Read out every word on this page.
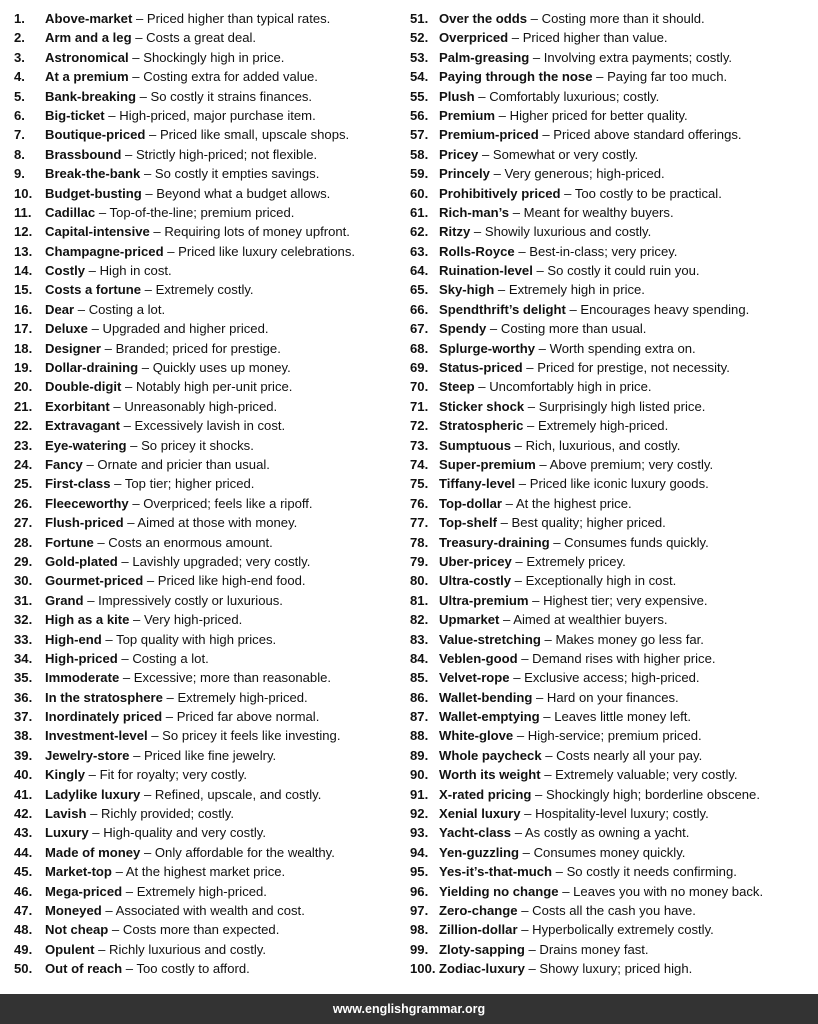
1.	Above-market – Priced higher than typical rates.
2.	Arm and a leg – Costs a great deal.
3.	Astronomical – Shockingly high in price.
4.	At a premium – Costing extra for added value.
5.	Bank-breaking – So costly it strains finances.
6.	Big-ticket – High-priced, major purchase item.
7.	Boutique-priced – Priced like small, upscale shops.
8.	Brassbound – Strictly high-priced; not flexible.
9.	Break-the-bank – So costly it empties savings.
10. Budget-busting – Beyond what a budget allows.
11.	Cadillac – Top-of-the-line; premium priced.
12. Capital-intensive – Requiring lots of money upfront.
13. Champagne-priced – Priced like luxury celebrations.
14. Costly – High in cost.
15. Costs a fortune – Extremely costly.
16. Dear – Costing a lot.
17. Deluxe – Upgraded and higher priced.
18. Designer – Branded; priced for prestige.
19. Dollar-draining – Quickly uses up money.
20. Double-digit – Notably high per-unit price.
21. Exorbitant – Unreasonably high-priced.
22. Extravagant – Excessively lavish in cost.
23. Eye-watering – So pricey it shocks.
24. Fancy – Ornate and pricier than usual.
25. First-class – Top tier; higher priced.
26. Fleeceworthy – Overpriced; feels like a ripoff.
27. Flush-priced – Aimed at those with money.
28. Fortune – Costs an enormous amount.
29. Gold-plated – Lavishly upgraded; very costly.
30. Gourmet-priced – Priced like high-end food.
31. Grand – Impressively costly or luxurious.
32. High as a kite – Very high-priced.
33. High-end – Top quality with high prices.
34. High-priced – Costing a lot.
35. Immoderate – Excessive; more than reasonable.
36. In the stratosphere – Extremely high-priced.
37. Inordinately priced – Priced far above normal.
38. Investment-level – So pricey it feels like investing.
39. Jewelry-store – Priced like fine jewelry.
40. Kingly – Fit for royalty; very costly.
41. Ladylike luxury – Refined, upscale, and costly.
42. Lavish – Richly provided; costly.
43. Luxury – High-quality and very costly.
44. Made of money – Only affordable for the wealthy.
45. Market-top – At the highest market price.
46. Mega-priced – Extremely high-priced.
47. Moneyed – Associated with wealth and cost.
48. Not cheap – Costs more than expected.
49. Opulent – Richly luxurious and costly.
50. Out of reach – Too costly to afford.
51. Over the odds – Costing more than it should.
52. Overpriced – Priced higher than value.
53. Palm-greasing – Involving extra payments; costly.
54. Paying through the nose – Paying far too much.
55. Plush – Comfortably luxurious; costly.
56. Premium – Higher priced for better quality.
57. Premium-priced – Priced above standard offerings.
58. Pricey – Somewhat or very costly.
59. Princely – Very generous; high-priced.
60. Prohibitively priced – Too costly to be practical.
61. Rich-man’s – Meant for wealthy buyers.
62. Ritzy – Showily luxurious and costly.
63. Rolls-Royce – Best-in-class; very pricey.
64. Ruination-level – So costly it could ruin you.
65. Sky-high – Extremely high in price.
66. Spendthrift’s delight – Encourages heavy spending.
67. Spendy – Costing more than usual.
68. Splurge-worthy – Worth spending extra on.
69. Status-priced – Priced for prestige, not necessity.
70. Steep – Uncomfortably high in price.
71. Sticker shock – Surprisingly high listed price.
72. Stratospheric – Extremely high-priced.
73. Sumptuous – Rich, luxurious, and costly.
74. Super-premium – Above premium; very costly.
75. Tiffany-level – Priced like iconic luxury goods.
76. Top-dollar – At the highest price.
77. Top-shelf – Best quality; higher priced.
78. Treasury-draining – Consumes funds quickly.
79. Uber-pricey – Extremely pricey.
80. Ultra-costly – Exceptionally high in cost.
81. Ultra-premium – Highest tier; very expensive.
82. Upmarket – Aimed at wealthier buyers.
83. Value-stretching – Makes money go less far.
84. Veblen-good – Demand rises with higher price.
85. Velvet-rope – Exclusive access; high-priced.
86. Wallet-bending – Hard on your finances.
87. Wallet-emptying – Leaves little money left.
88. White-glove – High-service; premium priced.
89. Whole paycheck – Costs nearly all your pay.
90. Worth its weight – Extremely valuable; very costly.
91. X-rated pricing – Shockingly high; borderline obscene.
92. Xenial luxury – Hospitality-level luxury; costly.
93. Yacht-class – As costly as owning a yacht.
94. Yen-guzzling – Consumes money quickly.
95. Yes-it’s-that-much – So costly it needs confirming.
96. Yielding no change – Leaves you with no money back.
97. Zero-change – Costs all the cash you have.
98. Zillion-dollar – Hyperbolically extremely costly.
99. Zloty-sapping – Drains money fast.
100. Zodiac-luxury – Showy luxury; priced high.
www.englishgrammar.org
